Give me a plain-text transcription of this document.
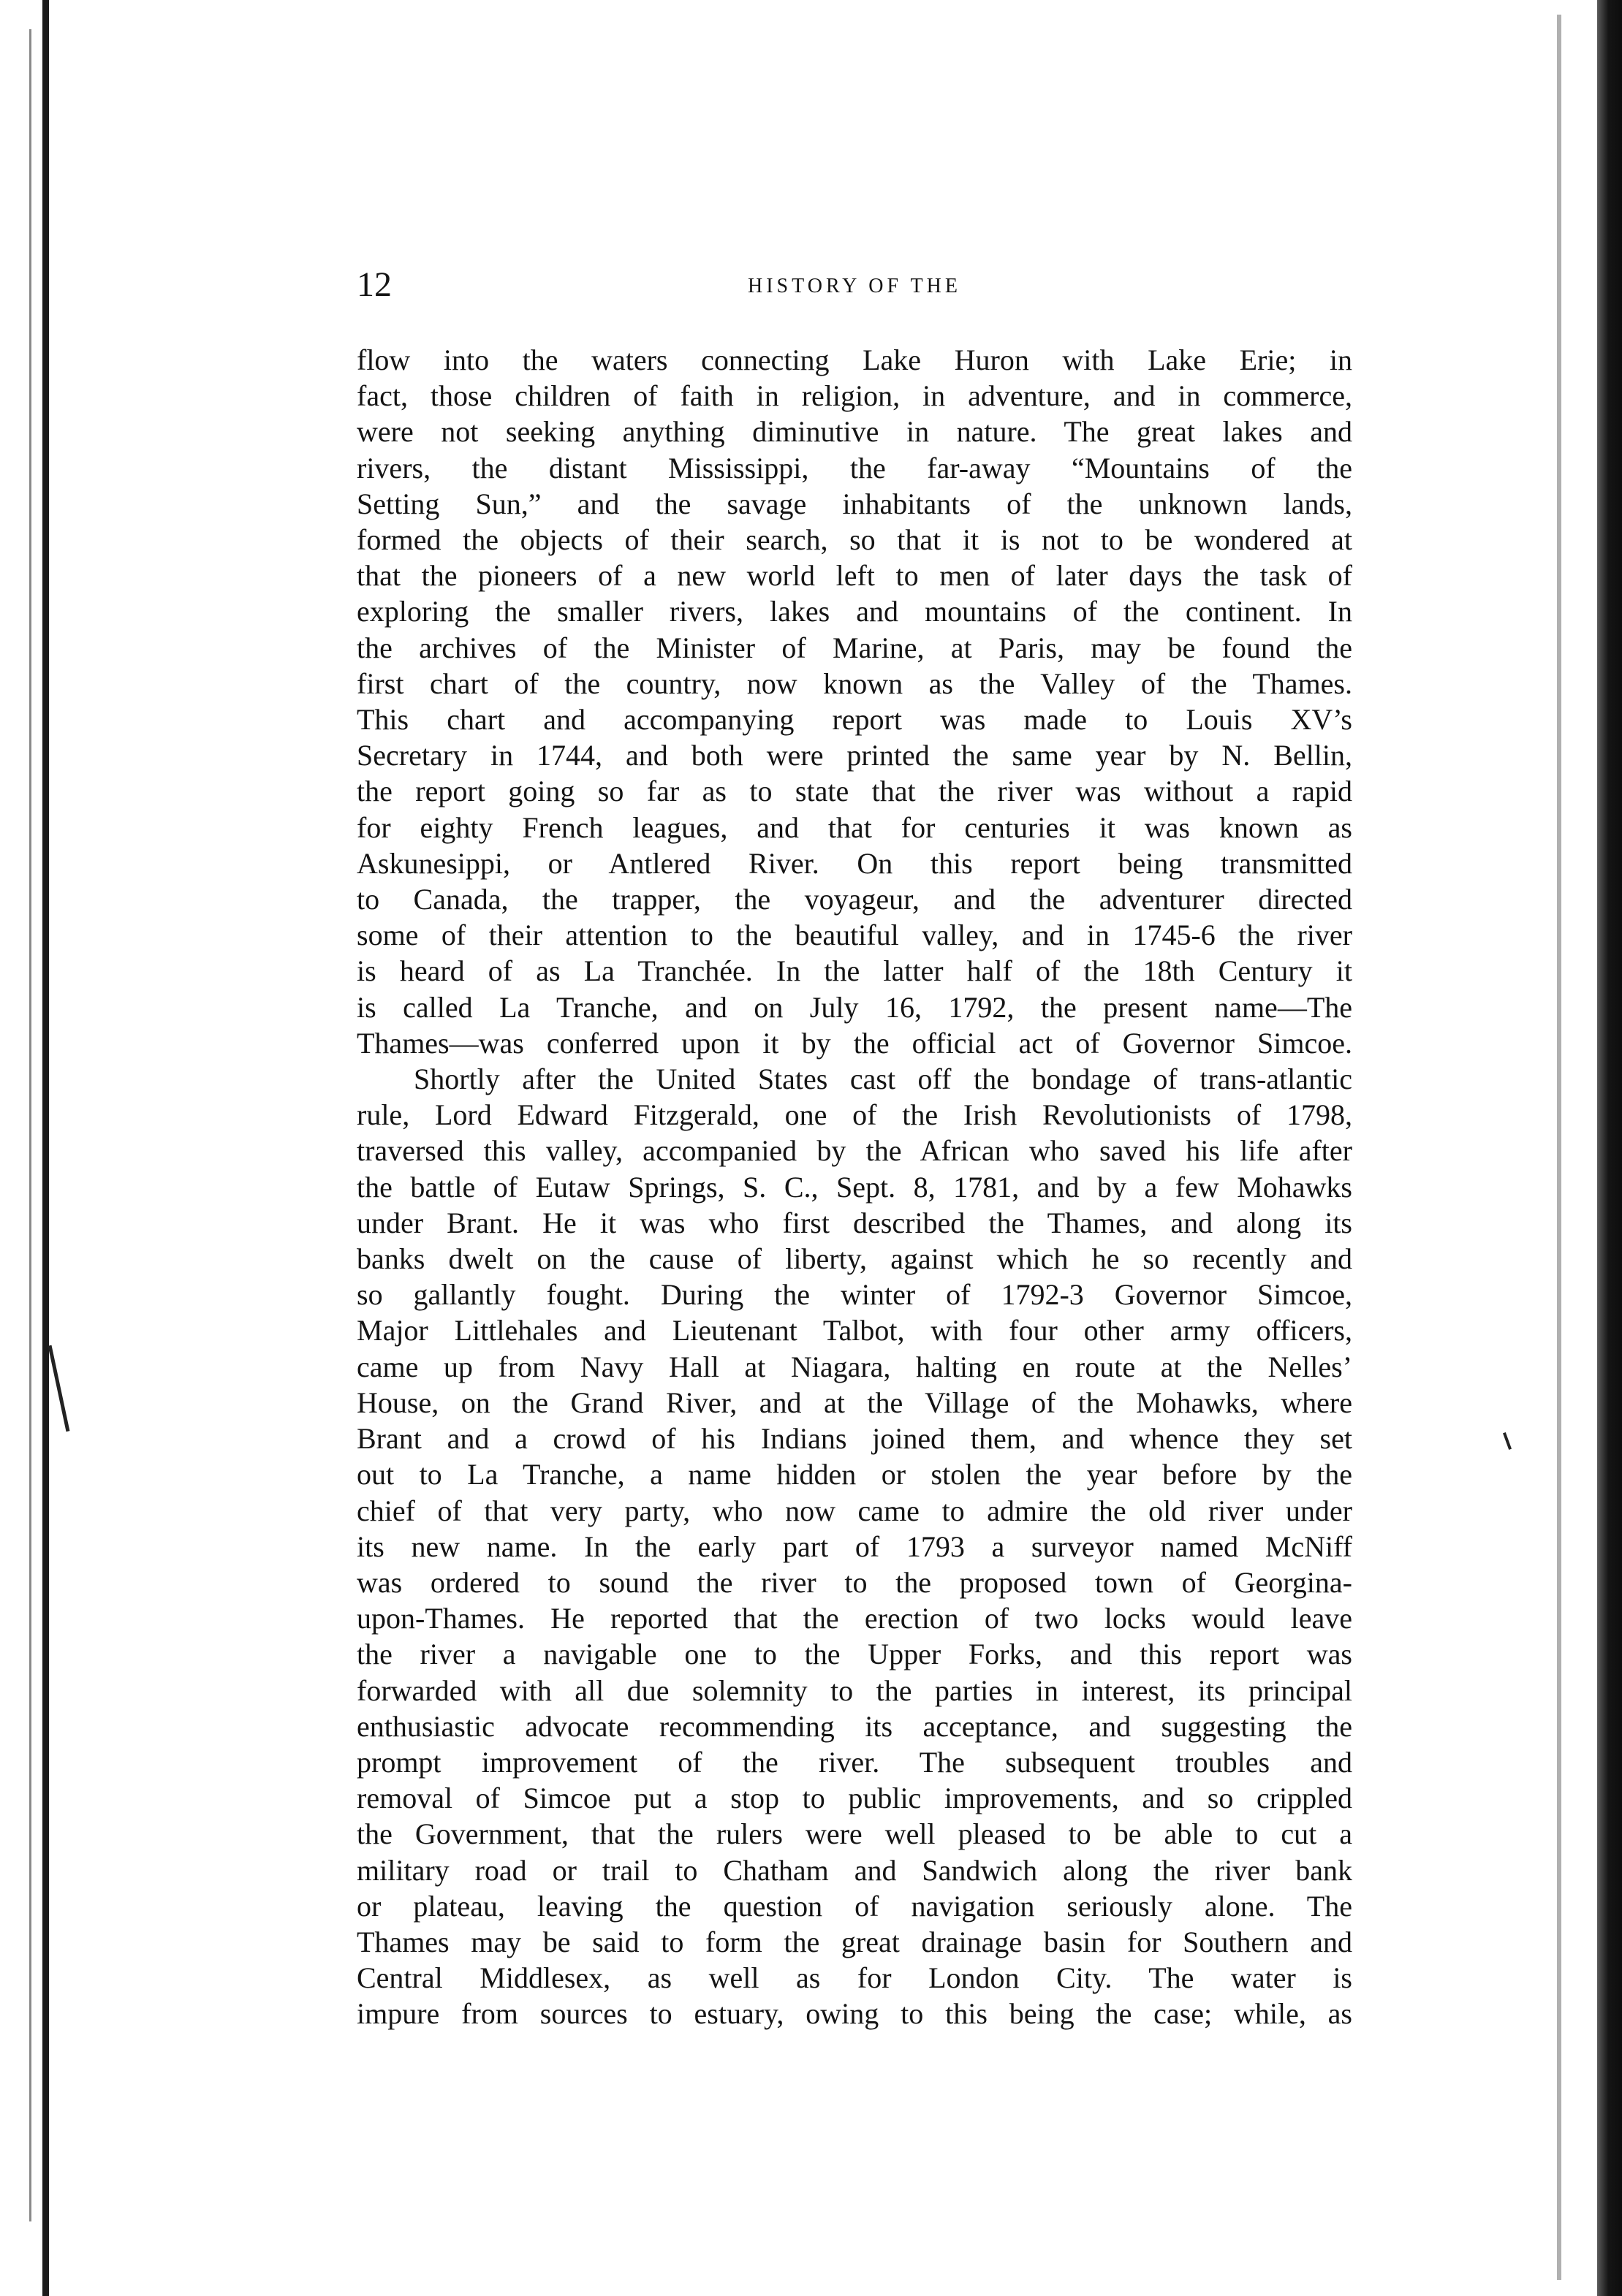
12	HISTORY OF THE
flow into the waters connecting Lake Huron with Lake Erie; in
fact, those children of faith in religion, in adventure, and in commerce,
were not seeking anything diminutive in nature. The great lakes and
rivers, the distant Mississippi, the far-away “Mountains of the
Setting Sun,” and the savage inhabitants of the unknown lands,
formed the objects of their search, so that it is not to be wondered at
that the pioneers of a new world left to men of later days the task of
exploring the smaller rivers, lakes and mountains of the continent. In
the archives of the Minister of Marine, at Paris, may be found the
first chart of the country, now known as the Valley of the Thames.
This chart and accompanying report was made to Louis XV’s
Secretary in 1744, and both were printed the same year by N. Bellin,
the report going so far as to state that the river was without a rapid
for eighty French leagues, and that for centuries it was known as
Askunesippi, or Antlered River. On this report being transmitted
to Canada, the trapper, the voyageur, and the adventurer directed
some of their attention to the beautiful valley, and in 1745-6 the river
is heard of as La Tranchée. In the latter half of the 18th Century it
is called La Tranche, and on July 16, 1792, the present name—The
Thames—was conferred upon it by the official act of Governor Simcoe.
Shortly after the United States cast off the bondage of trans-atlantic
rule, Lord Edward Fitzgerald, one of the Irish Revolutionists of 1798,
traversed this valley, accompanied by the African who saved his life after
the battle of Eutaw Springs, S. C., Sept. 8, 1781, and by a few Mohawks
under Brant. He it was who first described the Thames, and along its
banks dwelt on the cause of liberty, against which he so recently and
so gallantly fought. During the winter of 1792-3 Governor Simcoe,
Major Littlehales and Lieutenant Talbot, with four other army officers,
came up from Navy Hall at Niagara, halting en route at the Nelles’
House, on the Grand River, and at the Village of the Mohawks, where
Brant and a crowd of his Indians joined them, and whence they set
out to La Tranche, a name hidden or stolen the year before by the
chief of that very party, who now came to admire the old river under
its new name. In the early part of 1793 a surveyor named McNiff
was ordered to sound the river to the proposed town of Georgina-
upon-Thames. He reported that the erection of two locks would leave
the river a navigable one to the Upper Forks, and this report was
forwarded with all due solemnity to the parties in interest, its principal
enthusiastic advocate recommending its acceptance, and suggesting the
prompt improvement of the river. The subsequent troubles and
removal of Simcoe put a stop to public improvements, and so crippled
the Government, that the rulers were well pleased to be able to cut a
military road or trail to Chatham and Sandwich along the river bank
or plateau, leaving the question of navigation seriously alone. The
Thames may be said to form the great drainage basin for Southern and
Central Middlesex, as well as for London City. The water is
impure from sources to estuary, owing to this being the case; while, as
